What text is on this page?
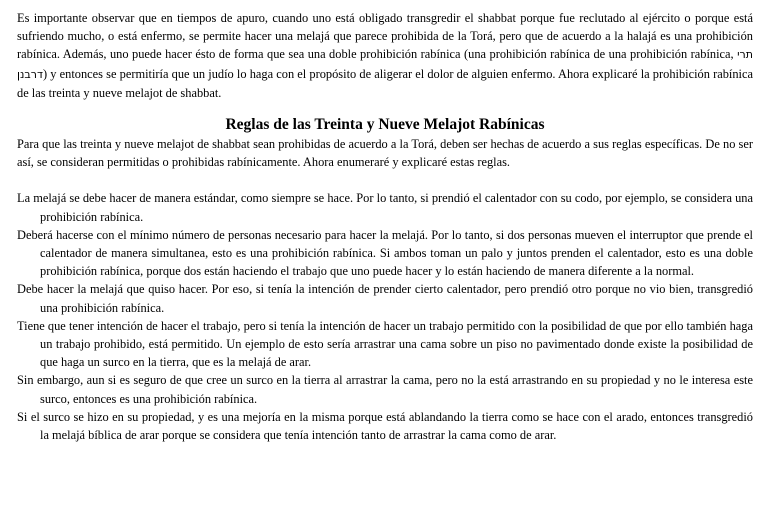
Es importante observar que en tiempos de apuro, cuando uno está obligado transgredir el shabbat porque fue reclutado al ejército o porque está sufriendo mucho, o está enfermo, se permite hacer una melajá que parece prohibida de la Torá, pero que de acuerdo a la halajá es una prohibición rabínica. Además, uno puede hacer ésto de forma que sea una doble prohibición rabínica (una prohibición rabínica de una prohibición rabínica, תרי דרבנן) y entonces se permitiría que un judío lo haga con el propósito de aligerar el dolor de alguien enfermo. Ahora explicaré la prohibición rabínica de las treinta y nueve melajot de shabbat.

Reglas de las Treinta y Nueve Melajot Rabínicas

Para que las treinta y nueve melajot de shabbat sean prohibidas de acuerdo a la Torá, deben ser hechas de acuerdo a sus reglas específicas. De no ser así, se consideran permitidas o prohibidas rabínicamente. Ahora enumeraré y explicaré estas reglas.

La melajá se debe hacer de manera estándar, como siempre se hace. Por lo tanto, si prendió el calentador con su codo, por ejemplo, se considera una prohibición rabínica.
Deberá hacerse con el mínimo número de personas necesario para hacer la melajá. Por lo tanto, si dos personas mueven el interruptor que prende el calentador de manera simultanea, esto es una prohibición rabínica. Si ambos toman un palo y juntos prenden el calentador, esto es una doble prohibición rabínica, porque dos están haciendo el trabajo que uno puede hacer y lo están haciendo de manera diferente a la normal.
Debe hacer la melajá que quiso hacer. Por eso, si tenía la intención de prender cierto calentador, pero prendió otro porque no vio bien, transgredió una prohibición rabínica.
Tiene que tener intención de hacer el trabajo, pero si tenía la intención de hacer un trabajo permitido con la posibilidad de que por ello también haga un trabajo prohibido, está permitido. Un ejemplo de esto sería arrastrar una cama sobre un piso no pavimentado donde existe la posibilidad de que haga un surco en la tierra, que es la melajá de arar.
Sin embargo, aun si es seguro de que cree un surco en la tierra al arrastrar la cama, pero no la está arrastrando en su propiedad y no le interesa este surco, entonces es una prohibición rabínica.
Si el surco se hizo en su propiedad, y es una mejoría en la misma porque está ablandando la tierra como se hace con el arado, entonces transgredió la melajá bíblica de arar porque se considera que tenía intención tanto de arrastrar la cama como de arar.
